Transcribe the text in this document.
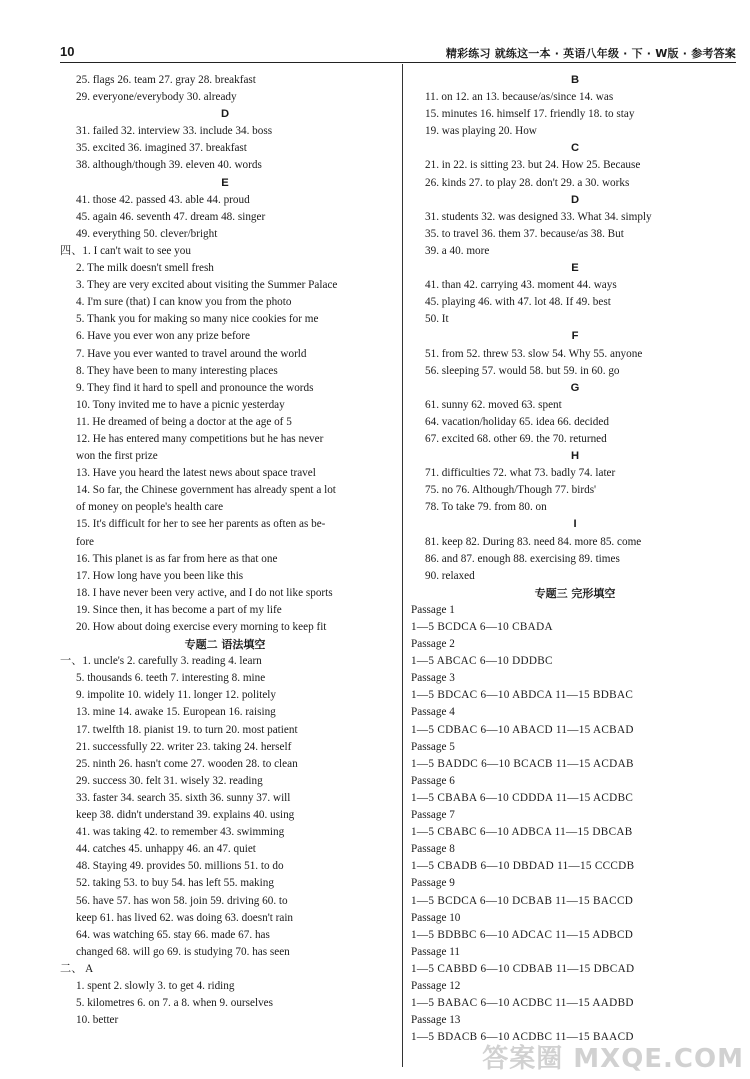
10	精彩练习 就练这一本 · 英语八年级 · 下 · W版 · 参考答案
25. flags 26. team 27. gray 28. breakfast
29. everyone/everybody 30. already
D
31. failed 32. interview 33. include 34. boss
35. excited 36. imagined 37. breakfast
38. although/though 39. eleven 40. words
E
41. those 42. passed 43. able 44. proud
45. again 46. seventh 47. dream 48. singer
49. everything 50. clever/bright
四、1. I can't wait to see you
2. The milk doesn't smell fresh
3. They are very excited about visiting the Summer Palace
4. I'm sure (that) I can know you from the photo
5. Thank you for making so many nice cookies for me
6. Have you ever won any prize before
7. Have you ever wanted to travel around the world
8. They have been to many interesting places
9. They find it hard to spell and pronounce the words
10. Tony invited me to have a picnic yesterday
11. He dreamed of being a doctor at the age of 5
12. He has entered many competitions but he has never
won the first prize
13. Have you heard the latest news about space travel
14. So far, the Chinese government has already spent a lot
of money on people's health care
15. It's difficult for her to see her parents as often as be-
fore
16. This planet is as far from here as that one
17. How long have you been like this
18. I have never been very active, and I do not like sports
19. Since then, it has become a part of my life
20. How about doing exercise every morning to keep fit
专题二 语法填空
一、1. uncle's 2. carefully 3. reading 4. learn
5. thousands 6. teeth 7. interesting 8. mine
9. impolite 10. widely 11. longer 12. politely
13. mine 14. awake 15. European 16. raising
17. twelfth 18. pianist 19. to turn 20. most patient
21. successfully 22. writer 23. taking 24. herself
25. ninth 26. hasn't come 27. wooden 28. to clean
29. success 30. felt 31. wisely 32. reading
33. faster 34. search 35. sixth 36. sunny 37. will
keep 38. didn't understand 39. explains 40. using
41. was taking 42. to remember 43. swimming
44. catches 45. unhappy 46. an 47. quiet
48. Staying 49. provides 50. millions 51. to do
52. taking 53. to buy 54. has left 55. making
56. have 57. has won 58. join 59. driving 60. to
keep 61. has lived 62. was doing 63. doesn't rain
64. was watching 65. stay 66. made 67. has
changed 68. will go 69. is studying 70. has seen
二、 A
1. spent 2. slowly 3. to get 4. riding
5. kilometres 6. on 7. a 8. when 9. ourselves
10. better
B
11. on 12. an 13. because/as/since 14. was
15. minutes 16. himself 17. friendly 18. to stay
19. was playing 20. How
C
21. in 22. is sitting 23. but 24. How 25. Because
26. kinds 27. to play 28. don't 29. a 30. works
D
31. students 32. was designed 33. What 34. simply
35. to travel 36. them 37. because/as 38. But
39. a 40. more
E
41. than 42. carrying 43. moment 44. ways
45. playing 46. with 47. lot 48. If 49. best
50. It
F
51. from 52. threw 53. slow 54. Why 55. anyone
56. sleeping 57. would 58. but 59. in 60. go
G
61. sunny 62. moved 63. spent
64. vacation/holiday 65. idea 66. decided
67. excited 68. other 69. the 70. returned
H
71. difficulties 72. what 73. badly 74. later
75. no 76. Although/Though 77. birds'
78. To take 79. from 80. on
I
81. keep 82. During 83. need 84. more 85. come
86. and 87. enough 88. exercising 89. times
90. relaxed
专题三 完形填空
Passage 1
1—5 BCDCA 6—10 CBADA
Passage 2
1—5 ABCAC 6—10 DDDBC
Passage 3
1—5 BDCAC 6—10 ABDCA 11—15 BDBAC
Passage 4
1—5 CDBAC 6—10 ABACD 11—15 ACBAD
Passage 5
1—5 BADDC 6—10 BCACB 11—15 ACDAB
Passage 6
1—5 CBABA 6—10 CDDDA 11—15 ACDBC
Passage 7
1—5 CBABC 6—10 ADBCA 11—15 DBCAB
Passage 8
1—5 CBADB 6—10 DBDAD 11—15 CCCDB
Passage 9
1—5 BCDCA 6—10 DCBAB 11—15 BACCD
Passage 10
1—5 BDBBC 6—10 ADCAC 11—15 ADBCD
Passage 11
1—5 CABBD 6—10 CDBAB 11—15 DBCAD
Passage 12
1—5 BABAC 6—10 ACDBC 11—15 AADBD
Passage 13
1—5 BDACB 6—10 ACDBC 11—15 BAACD
答案圈 MXQE.COM
